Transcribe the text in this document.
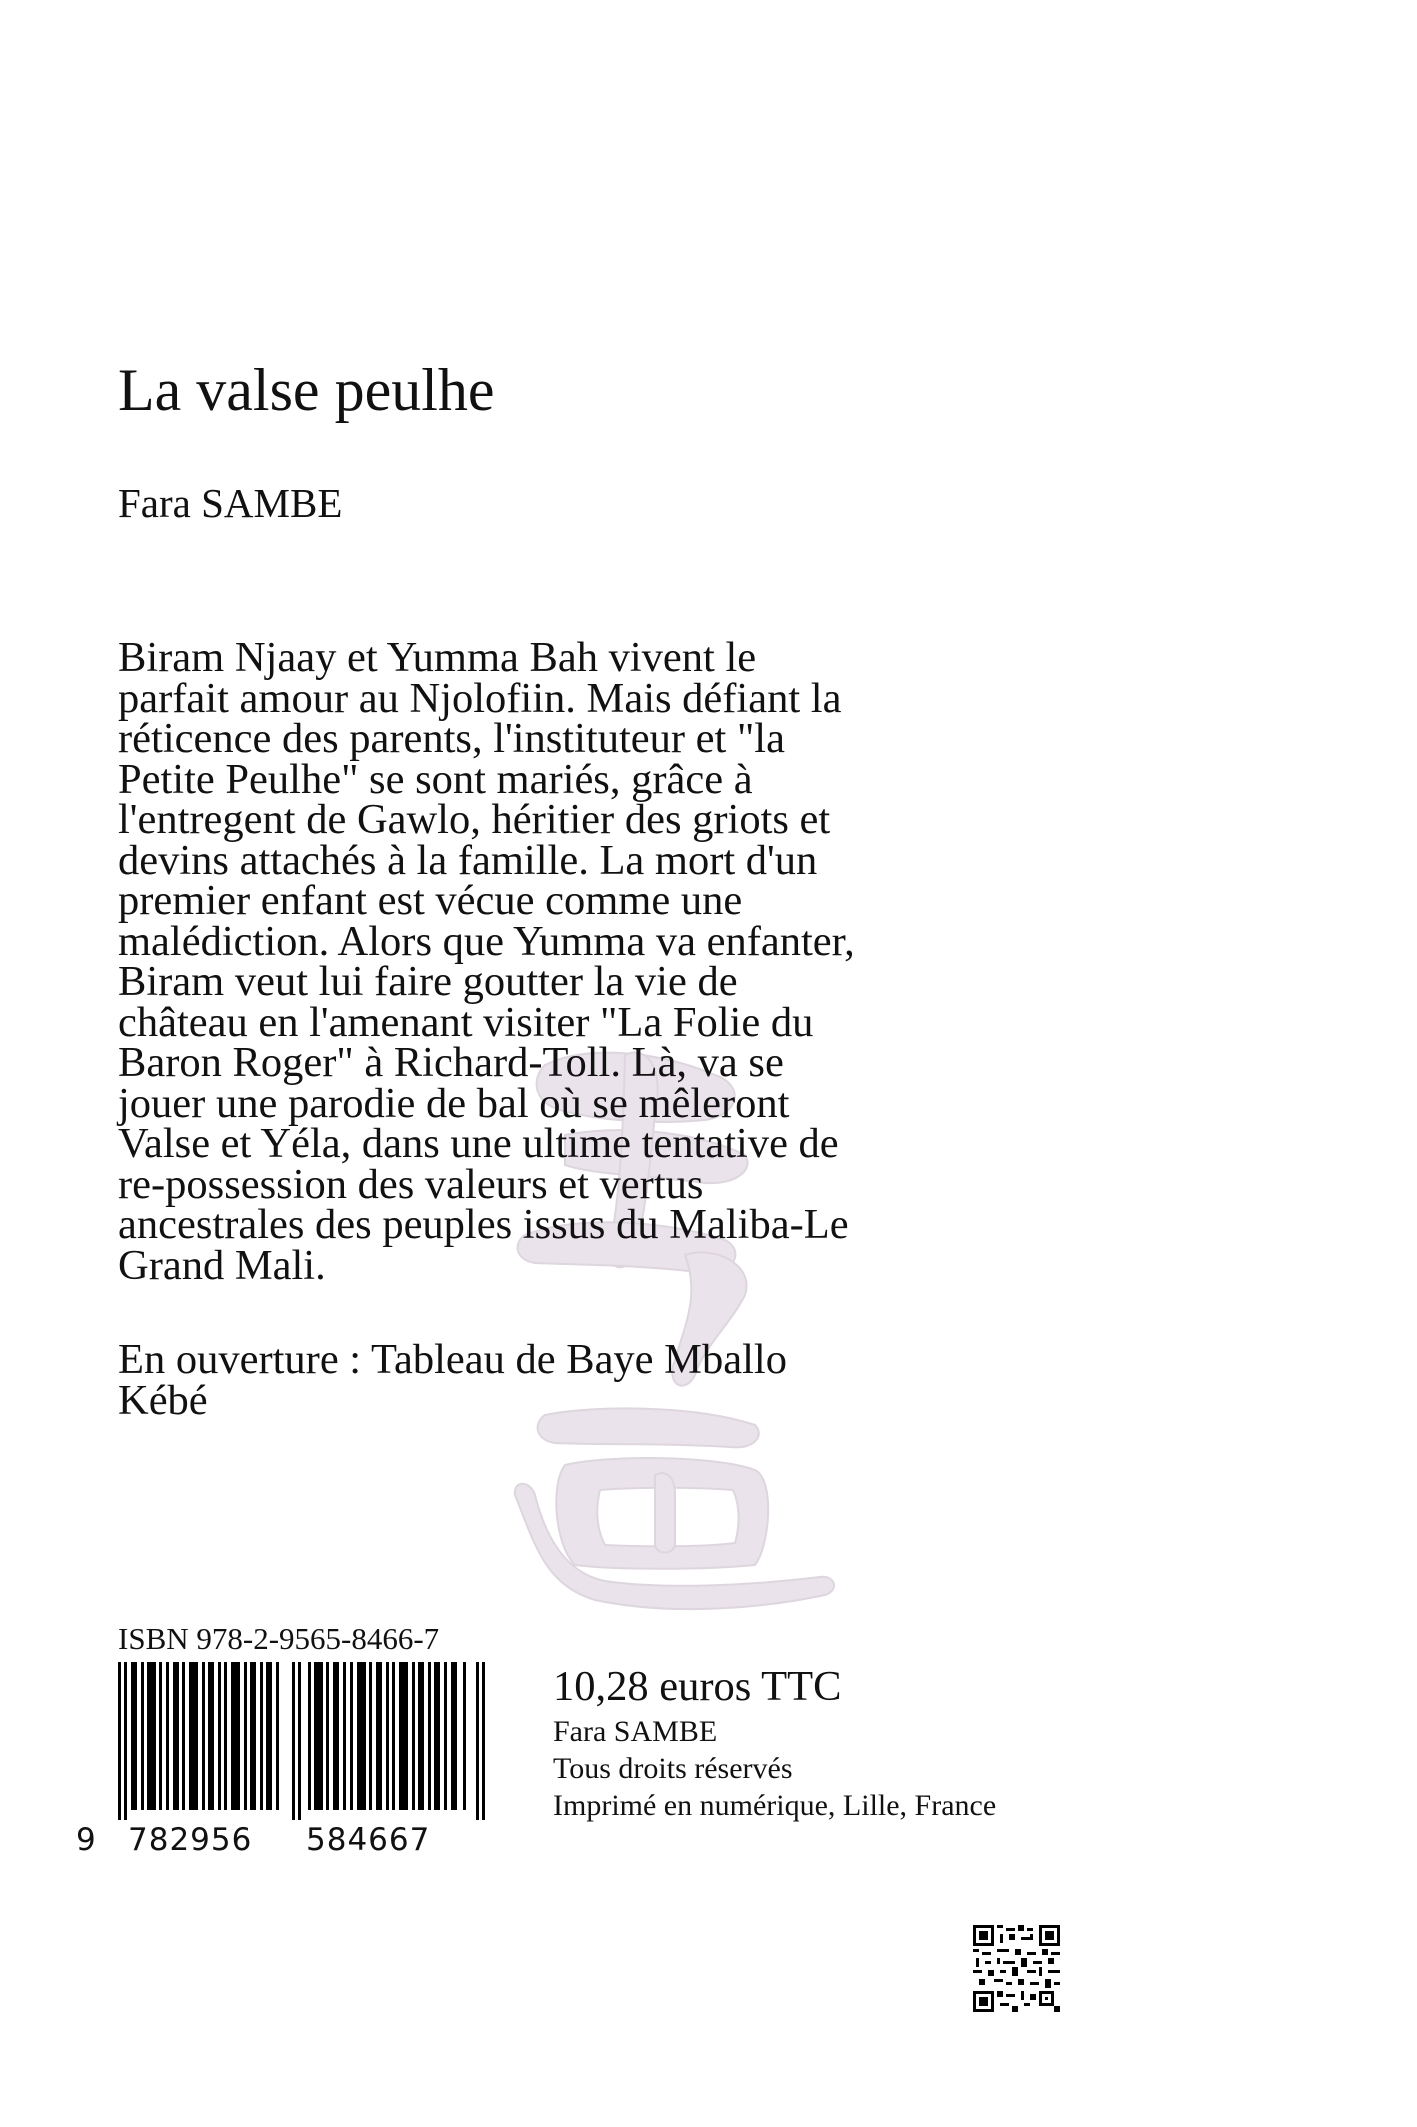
La valse peulhe
Fara SAMBE
Biram Njaay et Yumma Bah vivent le
parfait amour au Njolofiin. Mais défiant la
réticence des parents, l'instituteur et "la
Petite Peulhe" se sont mariés, grâce à
l'entregent de Gawlo, héritier des griots et
devins attachés à la famille. La mort d'un
premier enfant est vécue comme une
malédiction. Alors que Yumma va enfanter,
Biram veut lui faire goutter la vie de
château en l'amenant visiter "La Folie du
Baron Roger" à Richard-Toll. Là, va se
jouer une parodie de bal où se mêleront
Valse et Yéla, dans une ultime tentative de
re-possession des valeurs et vertus
ancestrales des peuples issus du Maliba-Le
Grand Mali.
En ouverture : Tableau de Baye Mballo
Kébé
ISBN 978-2-9565-8466-7
9 782956 584667
10,28 euros TTC
Fara SAMBE
Tous droits réservés
Imprimé en numérique, Lille, France
